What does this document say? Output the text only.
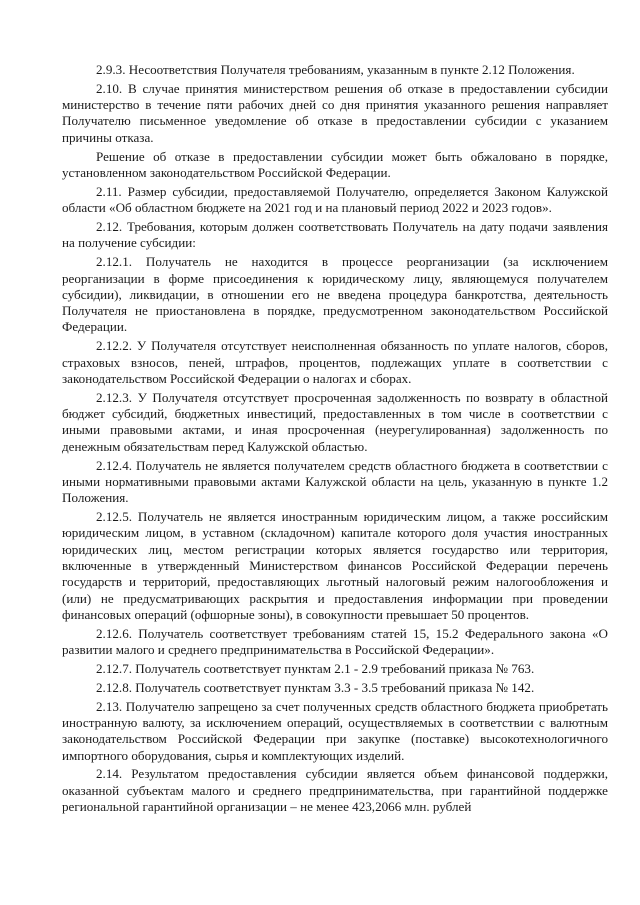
2.9.3. Несоответствия Получателя требованиям, указанным в пункте 2.12 Положения.

2.10. В случае принятия министерством решения об отказе в предоставлении субсидии министерство в течение пяти рабочих дней со дня принятия указанного решения направляет Получателю письменное уведомление об отказе в предоставлении субсидии с указанием причины отказа.

Решение об отказе в предоставлении субсидии может быть обжаловано в порядке, установленном законодательством Российской Федерации.

2.11. Размер субсидии, предоставляемой Получателю, определяется Законом Калужской области «Об областном бюджете на 2021 год и на плановый период 2022 и 2023 годов».

2.12. Требования, которым должен соответствовать Получатель на дату подачи заявления на получение субсидии:

2.12.1. Получатель не находится в процессе реорганизации (за исключением реорганизации в форме присоединения к юридическому лицу, являющемуся получателем субсидии), ликвидации, в отношении его не введена процедура банкротства, деятельность Получателя не приостановлена в порядке, предусмотренном законодательством Российской Федерации.

2.12.2. У Получателя отсутствует неисполненная обязанность по уплате налогов, сборов, страховых взносов, пеней, штрафов, процентов, подлежащих уплате в соответствии с законодательством Российской Федерации о налогах и сборах.

2.12.3. У Получателя отсутствует просроченная задолженность по возврату в областной бюджет субсидий, бюджетных инвестиций, предоставленных в том числе в соответствии с иными правовыми актами, и иная просроченная (неурегулированная) задолженность по денежным обязательствам перед Калужской областью.

2.12.4. Получатель не является получателем средств областного бюджета в соответствии с иными нормативными правовыми актами Калужской области на цель, указанную в пункте 1.2 Положения.

2.12.5. Получатель не является иностранным юридическим лицом, а также российским юридическим лицом, в уставном (складочном) капитале которого доля участия иностранных юридических лиц, местом регистрации которых является государство или территория, включенные в утвержденный Министерством финансов Российской Федерации перечень государств и территорий, предоставляющих льготный налоговый режим налогообложения и (или) не предусматривающих раскрытия и предоставления информации при проведении финансовых операций (офшорные зоны), в совокупности превышает 50 процентов.

2.12.6. Получатель соответствует требованиям статей 15, 15.2 Федерального закона «О развитии малого и среднего предпринимательства в Российской Федерации».

2.12.7. Получатель соответствует пунктам 2.1 - 2.9 требований приказа № 763.

2.12.8. Получатель соответствует пунктам 3.3 - 3.5 требований приказа № 142.

2.13. Получателю запрещено за счет полученных средств областного бюджета приобретать иностранную валюту, за исключением операций, осуществляемых в соответствии с валютным законодательством Российской Федерации при закупке (поставке) высокотехнологичного импортного оборудования, сырья и комплектующих изделий.

2.14. Результатом предоставления субсидии является объем финансовой поддержки, оказанной субъектам малого и среднего предпринимательства, при гарантийной поддержке региональной гарантийной организации – не менее 423,2066 млн. рублей
